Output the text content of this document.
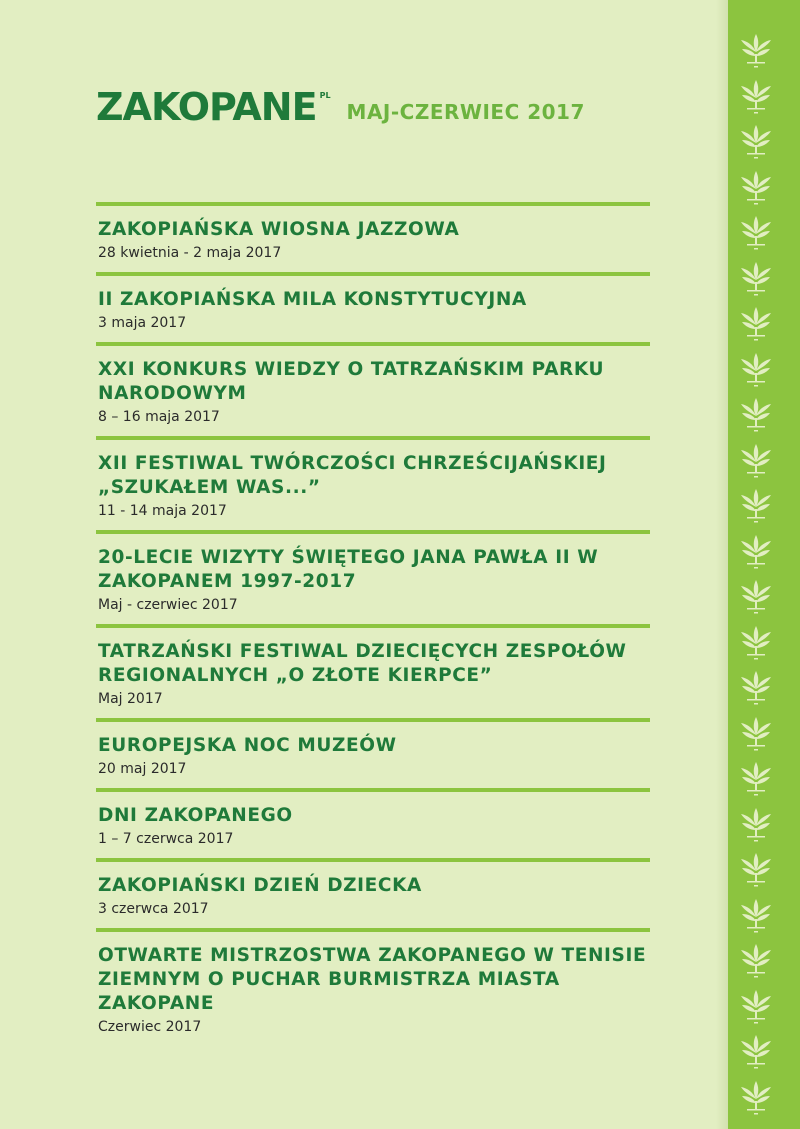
ZAKOPANE PL
MAJ-CZERWIEC 2017
ZAKOPIAŃSKA WIOSNA JAZZOWA
28 kwietnia - 2 maja 2017
II ZAKOPIAŃSKA MILA KONSTYTUCYJNA
3 maja 2017
XXI KONKURS WIEDZY O TATRZAŃSKIM PARKU NARODOWYM
8 – 16 maja 2017
XII FESTIWAL TWÓRCZOŚCI CHRZEŚCIJAŃSKIEJ „SZUKAŁEM WAS...”
11 - 14 maja 2017
20-LECIE WIZYTY ŚWIĘTEGO JANA PAWŁA II W ZAKOPANEM 1997-2017
Maj - czerwiec 2017
TATRZAŃSKI FESTIWAL DZIECIĘCYCH ZESPOŁÓW REGIONALNYCH „O ZŁOTE KIERPCE”
Maj 2017
EUROPEJSKA NOC MUZEÓW
20 maj 2017
DNI ZAKOPANEGO
1 – 7 czerwca 2017
ZAKOPIAŃSKI DZIEŃ DZIECKA
3 czerwca 2017
OTWARTE MISTRZOSTWA ZAKOPANEGO W TENISIE ZIEMNYM O PUCHAR BURMISTRZA MIASTA ZAKOPANE
Czerwiec 2017
